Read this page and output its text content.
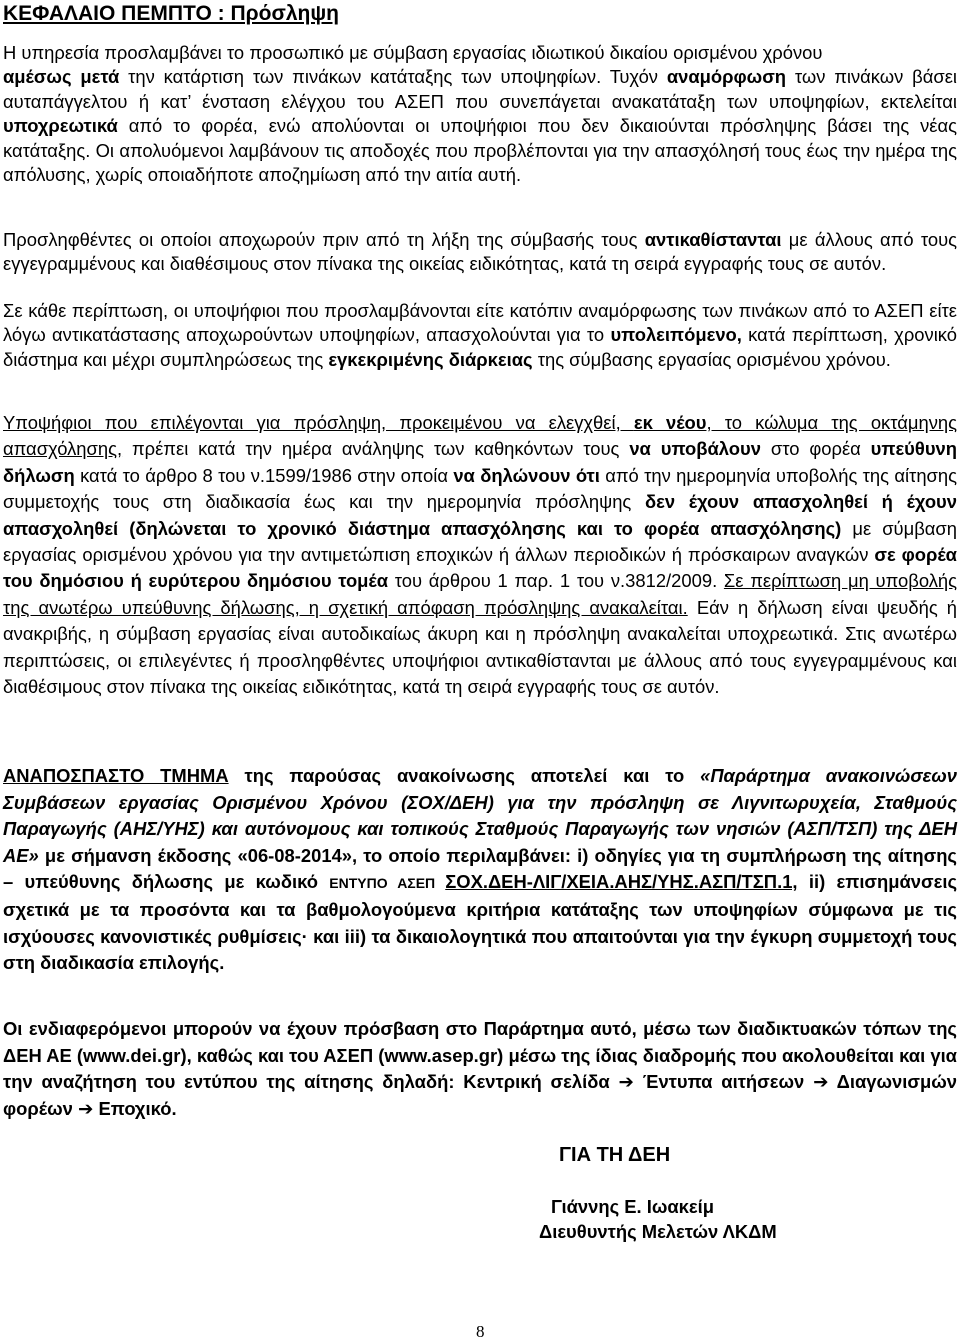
ΚΕΦΑΛΑΙΟ ΠΕΜΠΤΟ : Πρόσληψη
Η υπηρεσία προσλαμβάνει το προσωπικό με σύμβαση εργασίας ιδιωτικού δικαίου ορισμένου χρόνου
αμέσως μετά την κατάρτιση των πινάκων κατάταξης των υποψηφίων. Τυχόν αναμόρφωση των πινάκων βάσει αυταπάγγελτου ή κατ’ ένσταση ελέγχου του ΑΣΕΠ που συνεπάγεται ανακατάταξη των υποψηφίων, εκτελείται υποχρεωτικά από το φορέα, ενώ απολύονται οι υποψήφιοι που δεν δικαιούνται πρόσληψης βάσει της νέας κατάταξης. Οι απολυόμενοι λαμβάνουν τις αποδοχές που προβλέπονται για την απασχόλησή τους έως την ημέρα της απόλυσης, χωρίς οποιαδήποτε αποζημίωση από την αιτία αυτή.
Προσληφθέντες οι οποίοι αποχωρούν πριν από τη λήξη της σύμβασής τους αντικαθίστανται με άλλους από τους εγγεγραμμένους και διαθέσιμους στον πίνακα της οικείας ειδικότητας, κατά τη σειρά εγγραφής τους σε αυτόν.
Σε κάθε περίπτωση, οι υποψήφιοι που προσλαμβάνονται είτε κατόπιν αναμόρφωσης των πινάκων από το ΑΣΕΠ είτε λόγω αντικατάστασης αποχωρούντων υποψηφίων, απασχολούνται για το υπολειπόμενο, κατά περίπτωση, χρονικό διάστημα και μέχρι συμπληρώσεως της εγκεκριμένης διάρκειας της σύμβασης εργασίας ορισμένου χρόνου.
Υποψήφιοι που επιλέγονται για πρόσληψη, προκειμένου να ελεγχθεί, εκ νέου, το κώλυμα της οκτάμηνης απασχόλησης, πρέπει κατά την ημέρα ανάληψης των καθηκόντων τους να υποβάλουν στο φορέα υπεύθυνη δήλωση κατά το άρθρο 8 του ν.1599/1986 στην οποία να δηλώνουν ότι από την ημερομηνία υποβολής της αίτησης συμμετοχής τους στη διαδικασία έως και την ημερομηνία πρόσληψης δεν έχουν απασχοληθεί ή έχουν απασχοληθεί (δηλώνεται το χρονικό διάστημα απασχόλησης και το φορέα απασχόλησης) με σύμβαση εργασίας ορισμένου χρόνου για την αντιμετώπιση εποχικών ή άλλων περιοδικών ή πρόσκαιρων αναγκών σε φορέα του δημόσιου ή ευρύτερου δημόσιου τομέα του άρθρου 1 παρ. 1 του ν.3812/2009. Σε περίπτωση μη υποβολής της ανωτέρω υπεύθυνης δήλωσης, η σχετική απόφαση πρόσληψης ανακαλείται. Εάν η δήλωση είναι ψευδής ή ανακριβής, η σύμβαση εργασίας είναι αυτοδικαίως άκυρη και η πρόσληψη ανακαλείται υποχρεωτικά. Στις ανωτέρω περιπτώσεις, οι επιλεγέντες ή προσληφθέντες υποψήφιοι αντικαθίστανται με άλλους από τους εγγεγραμμένους και διαθέσιμους στον πίνακα της οικείας ειδικότητας, κατά τη σειρά εγγραφής τους σε αυτόν.
ΑΝΑΠΟΣΠΑΣΤΟ ΤΜΗΜΑ της παρούσας ανακοίνωσης αποτελεί και το «Παράρτημα ανακοινώσεων Συμβάσεων εργασίας Ορισμένου Χρόνου (ΣΟΧ/ΔΕΗ) για την πρόσληψη σε Λιγνιτωρυχεία, Σταθμούς Παραγωγής (ΑΗΣ/ΥΗΣ) και αυτόνομους και τοπικούς Σταθμούς Παραγωγής των νησιών (ΑΣΠ/ΤΣΠ) της ΔΕΗ ΑΕ» με σήμανση έκδοσης «06-08-2014», το οποίο περιλαμβάνει: i) οδηγίες για τη συμπλήρωση της αίτησης – υπεύθυνης δήλωσης με κωδικό ΕΝΤΥΠΟ ΑΣΕΠ ΣΟΧ.ΔΕΗ-ΛΙΓ/ΧΕΙΑ.ΑΗΣ/ΥΗΣ.ΑΣΠ/ΤΣΠ.1, ii) επισημάνσεις σχετικά με τα προσόντα και τα βαθμολογούμενα κριτήρια κατάταξης των υποψηφίων σύμφωνα με τις ισχύουσες κανονιστικές ρυθμίσεις· και iii) τα δικαιολογητικά που απαιτούνται για την έγκυρη συμμετοχή τους στη διαδικασία επιλογής.
Οι ενδιαφερόμενοι μπορούν να έχουν πρόσβαση στο Παράρτημα αυτό, μέσω των διαδικτυακών τόπων της ΔΕΗ ΑΕ (www.dei.gr), καθώς και του ΑΣΕΠ (www.asep.gr) μέσω της ίδιας διαδρομής που ακολουθείται και για την αναζήτηση του εντύπου της αίτησης δηλαδή: Κεντρική σελίδα ➔ Έντυπα αιτήσεων ➔ Διαγωνισμών φορέων ➔ Εποχικό.
ΓΙΑ ΤΗ ΔΕΗ
Γιάννης Ε. Ιωακείμ
Διευθυντής Μελετών ΛΚΔΜ
8
